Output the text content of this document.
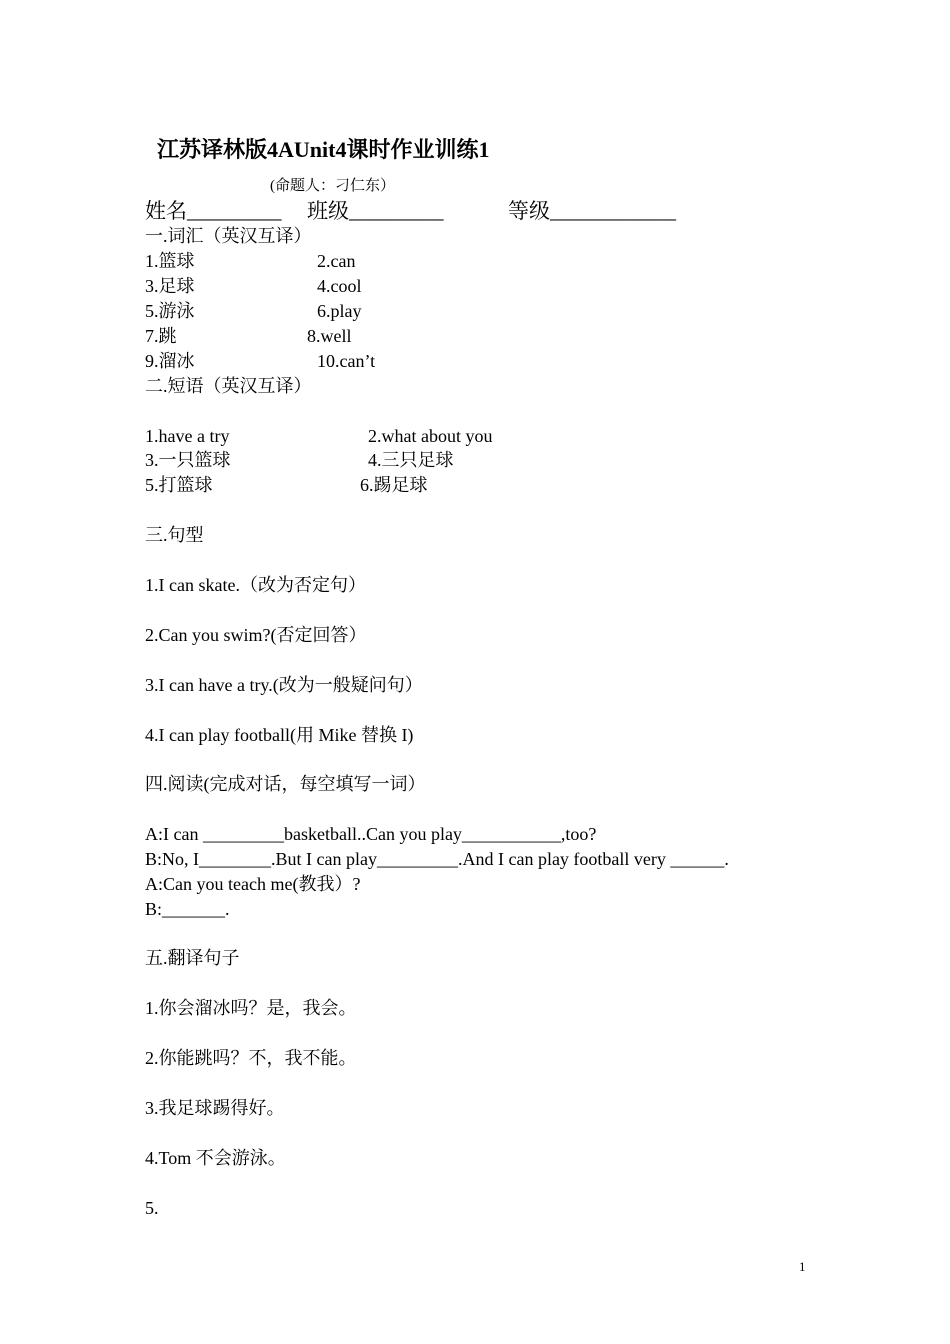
江苏译林版4AUnit4课时作业训练1
(命题人：刁仁东）
姓名_________ 班级_________	等级____________
一.词汇（英汉互译）
1.篮球	2.can
3.足球	4.cool
5.游泳	6.play
7.跳	8.well
9.溜冰	10.can’t
二.短语（英汉互译）
1.have a try	2.what about you
3.一只篮球	4.三只足球
5.打篮球	6.踢足球
三.句型
1.I can skate.（改为否定句）
2.Can you swim?(否定回答）
3.I can have a try.(改为一般疑问句）
4.I can play football(用 Mike 替换 I)
四.阅读(完成对话，每空填写一词）
A:I can _________basketball..Can you play___________,too?
B:No, I________.But I can play_________.And I can play football very ______.
A:Can you teach me(教我）?
B:_______.
五.翻译句子
1.你会溜冰吗？是，我会。
2.你能跳吗？不，我不能。
3.我足球踢得好。
4.Tom 不会游泳。
5.
1
